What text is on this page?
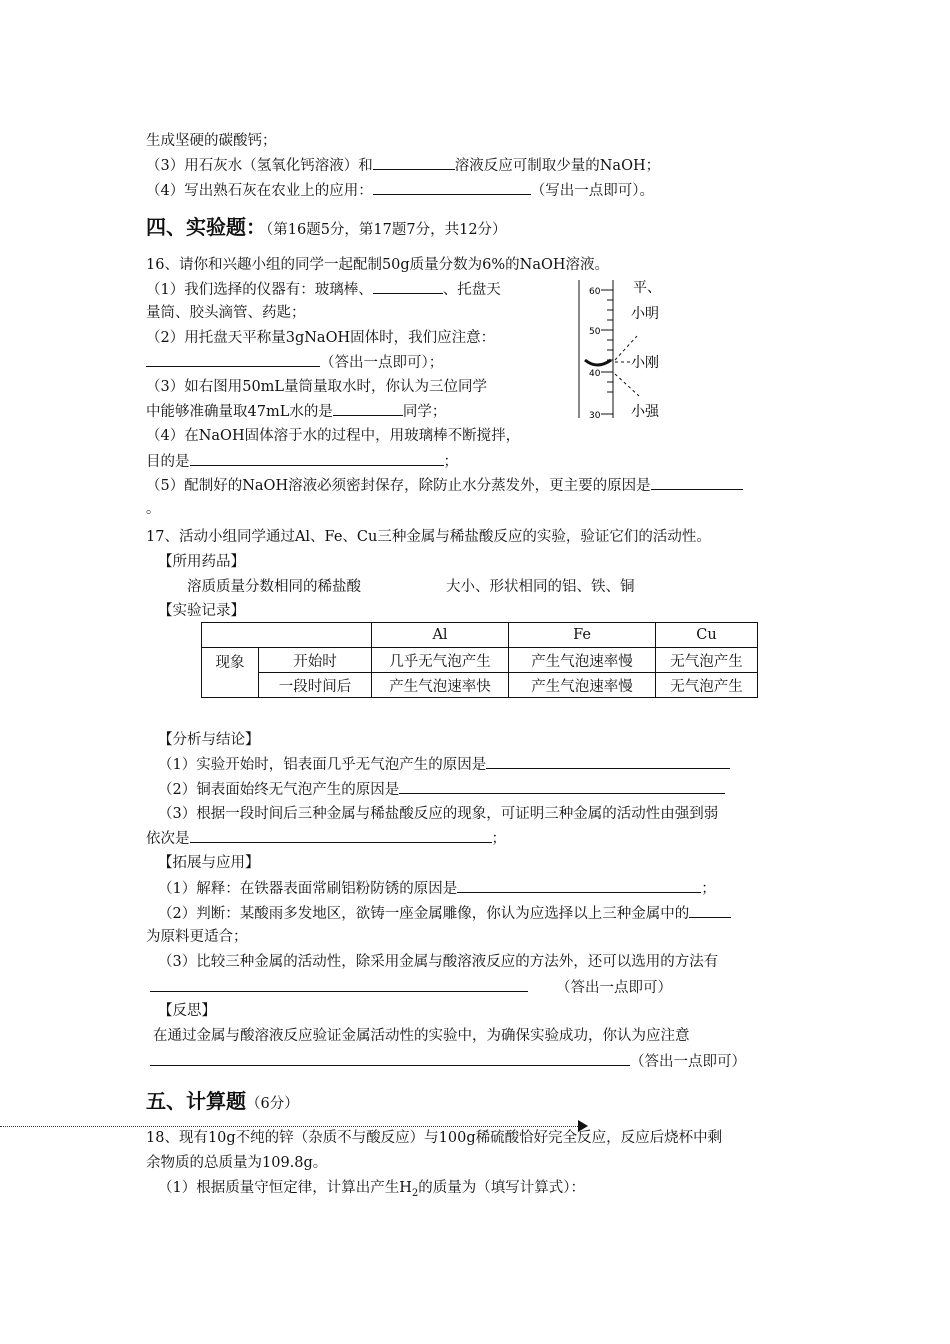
生成坚硬的碳酸钙；
（3）用石灰水（氢氧化钙溶液）和	溶液反应可制取少量的NaOH；
（4）写出熟石灰在农业上的应用：	（写出一点即可）。
四、实验题：（第16题5分，第17题7分，共12分）
16、请你和兴趣小组的同学一起配制50g质量分数为6%的NaOH溶液。
（1）我们选择的仪器有：玻璃棒、	、托盘天
量筒、胶头滴管、药匙；
（2）用托盘天平称量3gNaOH固体时，我们应注意：
（答出一点即可）；
（3）如右图用50mL量筒量取水时，你认为三位同学
中能够准确量取47mL水的是	同学；
（4）在NaOH固体溶于水的过程中，用玻璃棒不断搅拌，
目的是	；
（5）配制好的NaOH溶液必须密封保存，除防止水分蒸发外，更主要的原因是
。
60
50
40
30
平、
小明
小刚
小强
17、活动小组同学通过Al、Fe、Cu三种金属与稀盐酸反应的实验，验证它们的活动性。
【所用药品】
溶质质量分数相同的稀盐酸	大小、形状相同的铝、铁、铜
【实验记录】
		Al	Fe	Cu
现象	开始时	几乎无气泡产生	产生气泡速率慢	无气泡产生
	一段时间后	产生气泡速率快	产生气泡速率慢	无气泡产生
【分析与结论】
（1）实验开始时，铝表面几乎无气泡产生的原因是
（2）铜表面始终无气泡产生的原因是
（3）根据一段时间后三种金属与稀盐酸反应的现象，可证明三种金属的活动性由强到弱
依次是	；
【拓展与应用】
（1）解释：在铁器表面常刷铝粉防锈的原因是	；
（2）判断：某酸雨多发地区，欲铸一座金属雕像，你认为应选择以上三种金属中的
为原料更适合；
（3）比较三种金属的活动性，除采用金属与酸溶液反应的方法外，还可以选用的方法有
（答出一点即可）
【反思】
在通过金属与酸溶液反应验证金属活动性的实验中，为确保实验成功，你认为应注意
（答出一点即可）
五、计算题（6分）
18、现有10g不纯的锌（杂质不与酸反应）与100g稀硫酸恰好完全反应，反应后烧杯中剩
余物质的总质量为109.8g。
（1）根据质量守恒定律，计算出产生$H_2$的质量为（填写计算式）：
